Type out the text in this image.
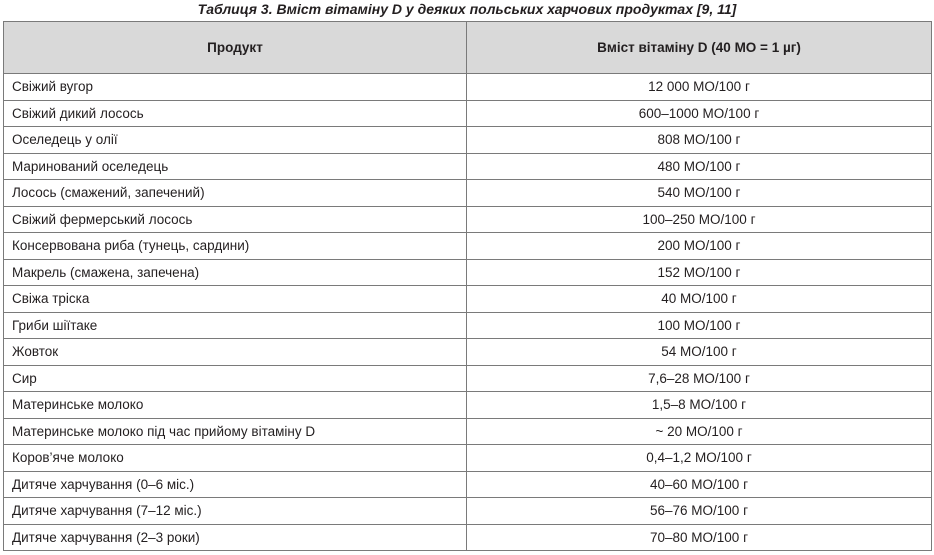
Таблиця 3. Вміст вітаміну D у деяких польських харчових продуктах [9, 11]
Продукт	Вміст вітаміну D (40 МО = 1 µг)
Свіжий вугор	12 000 МО/100 г
Свіжий дикий лосось	600–1000 МО/100 г
Оселедець у олії	808 МО/100 г
Маринований оселедець	480 МО/100 г
Лосось (смажений, запечений)	540 МО/100 г
Свіжий фермерський лосось	100–250 МО/100 г
Консервована риба (тунець, сардини)	200 МО/100 г
Макрель (смажена, запечена)	152 МО/100 г
Свіжа тріска	40 МО/100 г
Гриби шіїтаке	100 МО/100 г
Жовток	54 МО/100 г
Сир	7,6–28 МО/100 г
Материнське молоко	1,5–8 МО/100 г
Материнське молоко під час прийому вітаміну D	~ 20 МО/100 г
Коров’яче молоко	0,4–1,2 МО/100 г
Дитяче харчування (0–6 міс.)	40–60 МО/100 г
Дитяче харчування (7–12 міс.)	56–76 МО/100 г
Дитяче харчування (2–3 роки)	70–80 МО/100 г
